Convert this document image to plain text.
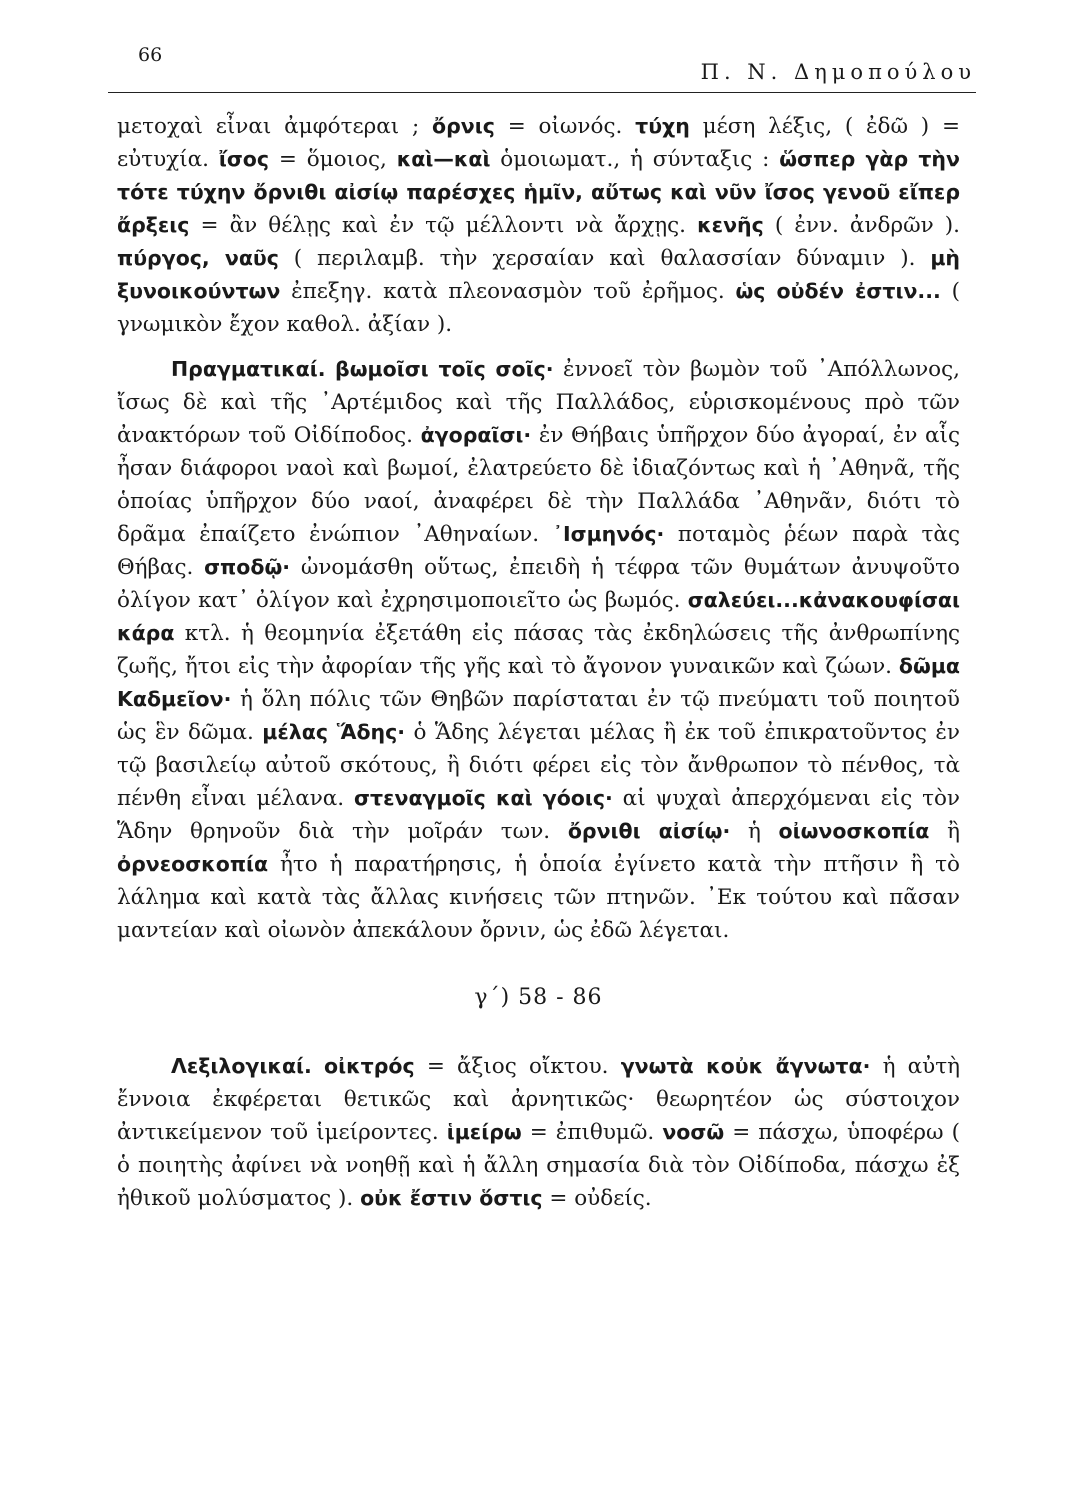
66
Π. Ν. Δημοπούλου

μετοχαὶ εἶναι ἀμφότεραι ; ὄρνις = οἰωνός. τύχη μέση λέξις, ( ἐδῶ ) = εὐτυχία. ἴσος = ὅμοιος, καὶ—καὶ ὁμοιωματ., ἡ σύνταξις : ὥσπερ γὰρ τὴν τότε τύχην ὄρνιθι αἰσίῳ παρέσχες ἡμῖν, αὔτως καὶ νῦν ἴσος γενοῦ εἴπερ ἄρξεις = ἂν θέλῃς καὶ ἐν τῷ μέλλοντι νὰ ἄρχῃς. κενῆς ( ἐνν. ἀνδρῶν ). πύργος, ναῦς ( περιλαμβ. τὴν χερσαίαν καὶ θαλασσίαν δύναμιν ). μὴ ξυνοικούντων ἐπεξηγ. κατὰ πλεονασμὸν τοῦ ἐρῆμος. ὡς οὐδέν ἐστιν... ( γνωμικὸν ἔχον καθολ. ἀξίαν ).

Πραγματικαί. βωμοῖσι τοῖς σοῖς· ἐννοεῖ τὸν βωμὸν τοῦ ᾿Απόλλωνος, ἴσως δὲ καὶ τῆς ᾿Αρτέμιδος καὶ τῆς Παλλάδος, εὑρισκομένους πρὸ τῶν ἀνακτόρων τοῦ Οἰδίποδος. ἀγοραῖσι· ἐν Θήβαις ὑπῆρχον δύο ἀγοραί, ἐν αἷς ἦσαν διάφοροι ναοὶ καὶ βωμοί, ἐλατρεύετο δὲ ἰδιαζόντως καὶ ἡ ᾿Αθηνᾶ, τῆς ὁποίας ὑπῆρχον δύο ναοί, ἀναφέρει δὲ τὴν Παλλάδα ᾿Αθηνᾶν, διότι τὸ δρᾶμα ἐπαίζετο ἐνώπιον ᾿Αθηναίων. ᾿Ισμηνός· ποταμὸς ῥέων παρὰ τὰς Θήβας. σποδῷ· ὠνομάσθη οὕτως, ἐπειδὴ ἡ τέφρα τῶν θυμάτων ἀνυψοῦτο ὀλίγον κατ᾿ ὀλίγον καὶ ἐχρησιμοποιεῖτο ὡς βωμός. σαλεύει...κἀνακουφίσαι κάρα κτλ. ἡ θεομηνία ἐξετάθη εἰς πάσας τὰς ἐκδηλώσεις τῆς ἀνθρωπίνης ζωῆς, ἤτοι εἰς τὴν ἀφορίαν τῆς γῆς καὶ τὸ ἄγονον γυναικῶν καὶ ζώων. δῶμα Καδμεῖον· ἡ ὅλη πόλις τῶν Θηβῶν παρίσταται ἐν τῷ πνεύματι τοῦ ποιητοῦ ὡς ἓν δῶμα. μέλας Ἅδης· ὁ Ἅδης λέγεται μέλας ἢ ἐκ τοῦ ἐπικρατοῦντος ἐν τῷ βασιλείῳ αὐτοῦ σκότους, ἢ διότι φέρει εἰς τὸν ἄνθρωπον τὸ πένθος, τὰ πένθη εἶναι μέλανα. στεναγμοῖς καὶ γόοις· αἱ ψυχαὶ ἀπερχόμεναι εἰς τὸν Ἅδην θρηνοῦν διὰ τὴν μοῖράν των. ὄρνιθι αἰσίῳ· ἡ οἰωνοσκοπία ἢ ὀρνεοσκοπία ἦτο ἡ παρατήρησις, ἡ ὁποία ἐγίνετο κατὰ τὴν πτῆσιν ἢ τὸ λάλημα καὶ κατὰ τὰς ἄλλας κινήσεις τῶν πτηνῶν. ᾿Εκ τούτου καὶ πᾶσαν μαντείαν καὶ οἰωνὸν ἀπεκάλουν ὄρνιν, ὡς ἐδῶ λέγεται.

γ΄) 58 - 86

Λεξιλογικαί. οἰκτρός = ἄξιος οἴκτου. γνωτὰ κοὐκ ἄγνωτα· ἡ αὐτὴ ἔννοια ἐκφέρεται θετικῶς καὶ ἀρνητικῶς· θεωρητέον ὡς σύστοιχον ἀντικείμενον τοῦ ἱμείροντες. ἱμείρω = ἐπιθυμῶ. νοσῶ = πάσχω, ὑποφέρω ( ὁ ποιητὴς ἀφίνει νὰ νοηθῇ καὶ ἡ ἄλλη σημασία διὰ τὸν Οἰδίποδα, πάσχω ἐξ ἠθικοῦ μολύσματος ). οὐκ ἔστιν ὅστις = οὐδείς.
